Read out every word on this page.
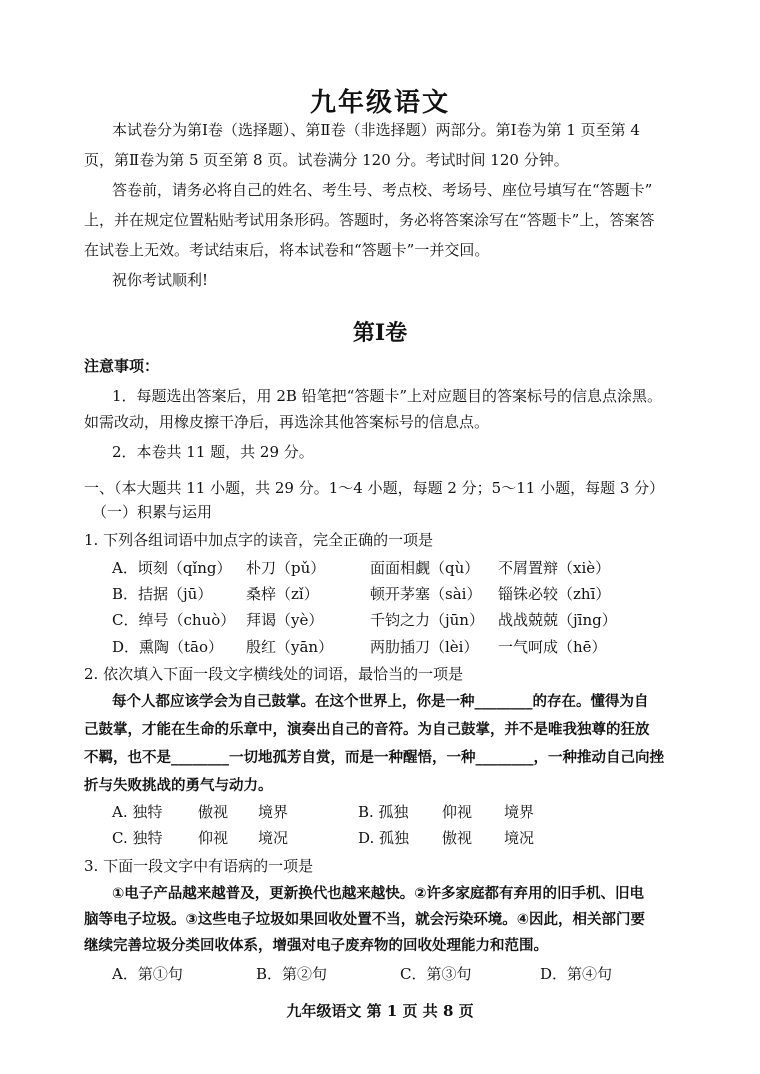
九年级语文
本试卷分为第Ⅰ卷（选择题）、第Ⅱ卷（非选择题）两部分。第Ⅰ卷为第 1 页至第 4
页，第Ⅱ卷为第 5 页至第 8 页。试卷满分 120 分。考试时间 120 分钟。
答卷前，请务必将自己的姓名、考生号、考点校、考场号、座位号填写在“答题卡”
上，并在规定位置粘贴考试用条形码。答题时，务必将答案涂写在“答题卡”上，答案答
在试卷上无效。考试结束后，将本试卷和“答题卡”一并交回。
祝你考试顺利!
第Ⅰ卷
注意事项：
1．每题选出答案后，用 2B 铅笔把“答题卡”上对应题目的答案标号的信息点涂黑。
如需改动，用橡皮擦干净后，再选涂其他答案标号的信息点。
2．本卷共 11 题，共 29 分。
一、（本大题共 11 小题，共 29 分。1～4 小题，每题 2 分；5～11 小题，每题 3 分）
（一）积累与运用
1. 下列各组词语中加点字的读音，完全正确的一项是
A．顷刻（qǐng） 朴刀（pǔ）	面面相觑（qù） 不屑置辩（xiè）
B．拮据（jū） 桑梓（zǐ）	顿开茅塞（sài） 锱铢必较（zhī）
C．绰号（chuò） 拜谒（yè）	千钧之力（jūn） 战战兢兢（jīng）
D．熏陶（tāo） 殷红（yān） 两肋插刀（lèi） 一气呵成（hē）
2. 依次填入下面一段文字横线处的词语，最恰当的一项是
每个人都应该学会为自己鼓掌。在这个世界上，你是一种________的存在。懂得为自
己鼓掌，才能在生命的乐章中，演奏出自己的音符。为自己鼓掌，并不是唯我独尊的狂放
不羁，也不是________一切地孤芳自赏，而是一种醒悟，一种________，一种推动自己向挫
折与失败挑战的勇气与动力。
A. 独特 傲视 境界	B. 孤独 仰视 境界
C. 独特 仰视 境况	D. 孤独 傲视 境况
3. 下面一段文字中有语病的一项是
①电子产品越来越普及，更新换代也越来越快。②许多家庭都有弃用的旧手机、旧电
脑等电子垃圾。③这些电子垃圾如果回收处置不当，就会污染环境。④因此，相关部门要
继续完善垃圾分类回收体系，增强对电子废弃物的回收处理能力和范围。
A．第①句	B．第②句	C．第③句	D．第④句
九年级语文 第 1 页 共 8 页
